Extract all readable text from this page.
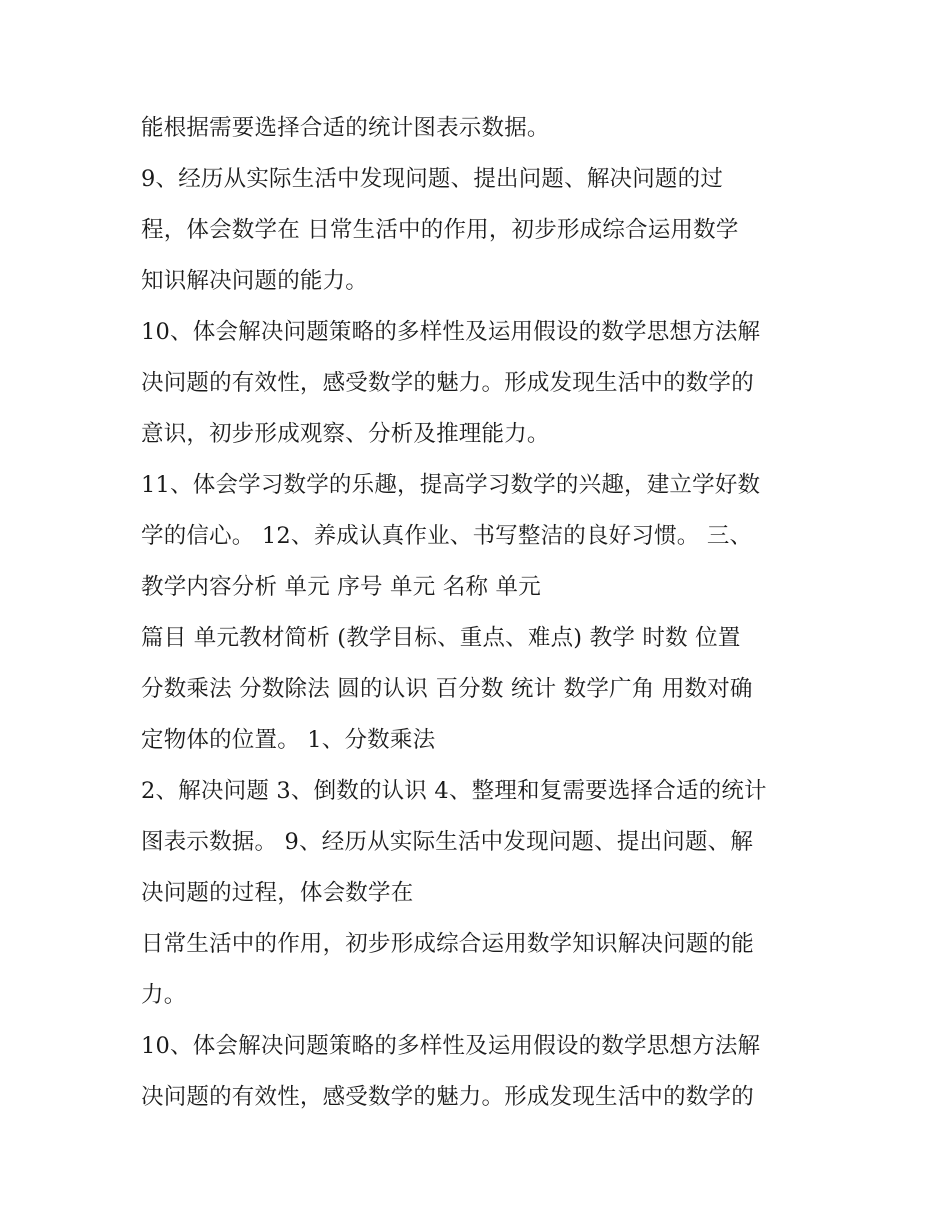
能根据需要选择合适的统计图表示数据。

9、经历从实际生活中发现问题、提出问题、解决问题的过

程，体会数学在 日常生活中的作用，初步形成综合运用数学

知识解决问题的能力。

10、体会解决问题策略的多样性及运用假设的数学思想方法解

决问题的有效性，感受数学的魅力。形成发现生活中的数学的

意识，初步形成观察、分析及推理能力。

11、体会学习数学的乐趣，提高学习数学的兴趣，建立学好数

学的信心。 12、养成认真作业、书写整洁的良好习惯。 三、

教学内容分析 单元 序号 单元 名称 单元

篇目 单元教材简析 (教学目标、重点、难点) 教学 时数 位置

分数乘法 分数除法 圆的认识 百分数 统计 数学广角 用数对确

定物体的位置。 1、分数乘法

2、解决问题 3、倒数的认识 4、整理和复需要选择合适的统计

图表示数据。 9、经历从实际生活中发现问题、提出问题、解

决问题的过程，体会数学在

日常生活中的作用，初步形成综合运用数学知识解决问题的能

力。

10、体会解决问题策略的多样性及运用假设的数学思想方法解

决问题的有效性，感受数学的魅力。形成发现生活中的数学的
